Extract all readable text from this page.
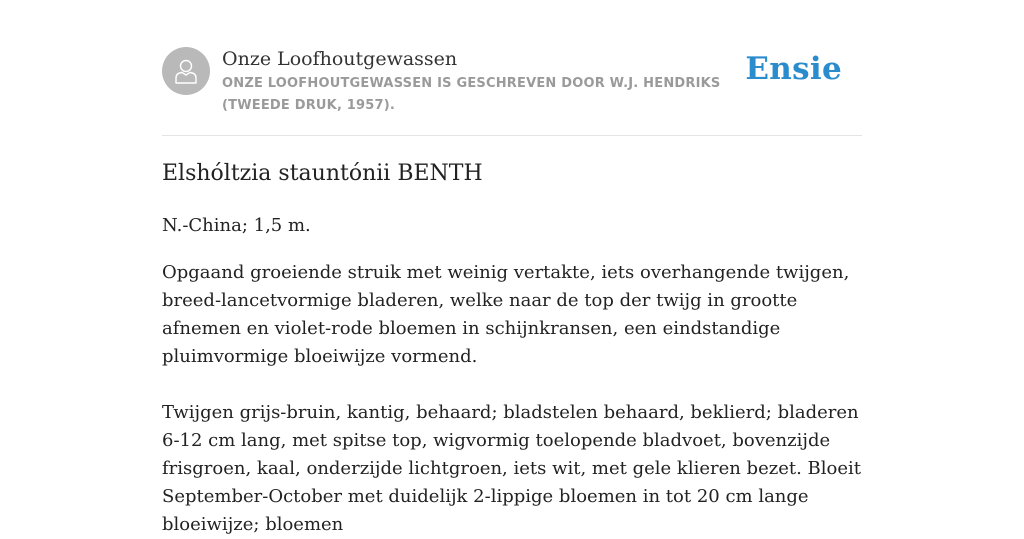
Onze Loofhoutgewassen
ONZE LOOFHOUTGEWASSEN IS GESCHREVEN DOOR W.J. HENDRIKS (TWEEDE DRUK, 1957).
Ensie
Elshóltzia stauntónii BENTH

N.-China; 1,5 m.

Opgaand groeiende struik met weinig vertakte, iets overhangende twijgen, breed-lancetvormige bladeren, welke naar de top der twijg in grootte afnemen en violet-rode bloemen in schijnkransen, een eindstandige pluimvormige bloeiwijze vormend.

Twijgen grijs-bruin, kantig, behaard; bladstelen behaard, beklierd; bladeren 6-12 cm lang, met spitse top, wigvormig toelopende bladvoet, bovenzijde frisgroen, kaal, onderzijde lichtgroen, iets wit, met gele klieren bezet. Bloeit September-October met duidelijk 2-lippige bloemen in tot 20 cm lange bloeiwijze; bloemen
